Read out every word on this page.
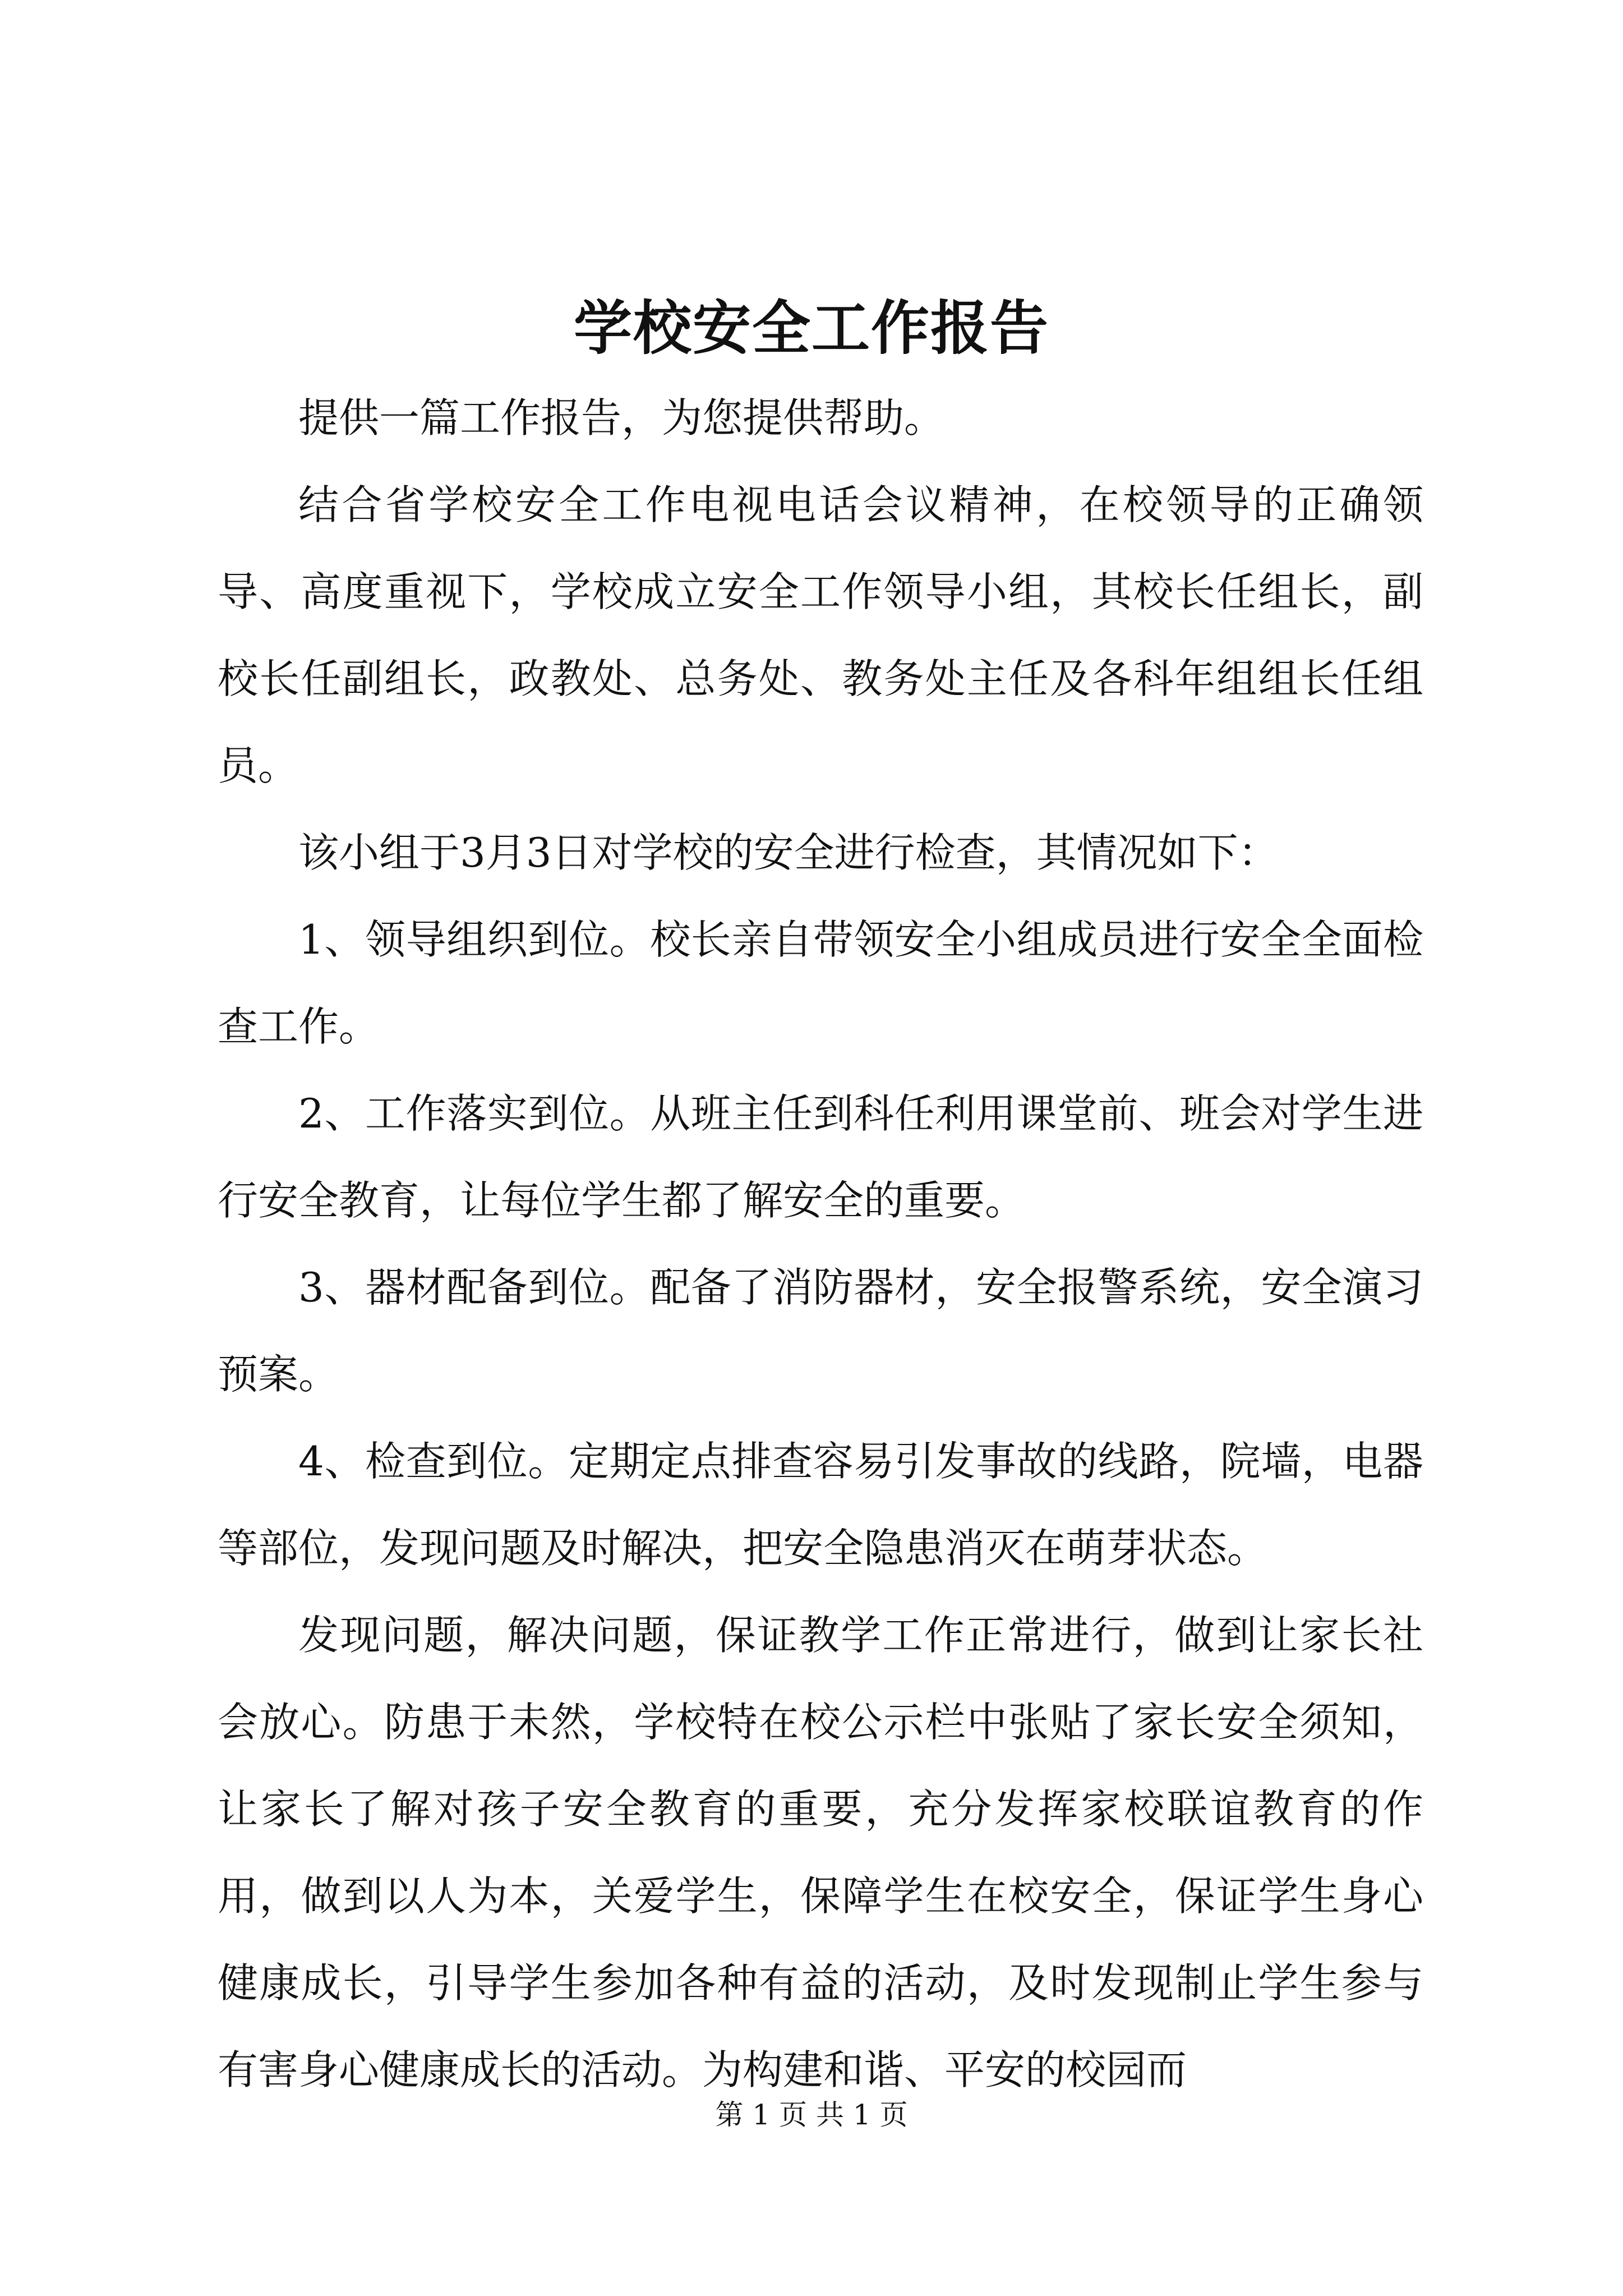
学校安全工作报告

提供一篇工作报告，为您提供帮助。

结合省学校安全工作电视电话会议精神，在校领导的正确领导、高度重视下，学校成立安全工作领导小组，其校长任组长，副校长任副组长，政教处、总务处、教务处主任及各科年组组长任组员。

该小组于3月3日对学校的安全进行检查，其情况如下：

1、领导组织到位。校长亲自带领安全小组成员进行安全全面检查工作。

2、工作落实到位。从班主任到科任利用课堂前、班会对学生进行安全教育，让每位学生都了解安全的重要。

3、器材配备到位。配备了消防器材，安全报警系统，安全演习预案。

4、检查到位。定期定点排查容易引发事故的线路，院墙，电器等部位，发现问题及时解决，把安全隐患消灭在萌芽状态。

发现问题，解决问题，保证教学工作正常进行，做到让家长社会放心。防患于未然，学校特在校公示栏中张贴了家长安全须知，让家长了解对孩子安全教育的重要，充分发挥家校联谊教育的作用，做到以人为本，关爱学生，保障学生在校安全，保证学生身心健康成长，引导学生参加各种有益的活动，及时发现制止学生参与有害身心健康成长的活动。为构建和谐、平安的校园而

第 1 页 共 1 页
